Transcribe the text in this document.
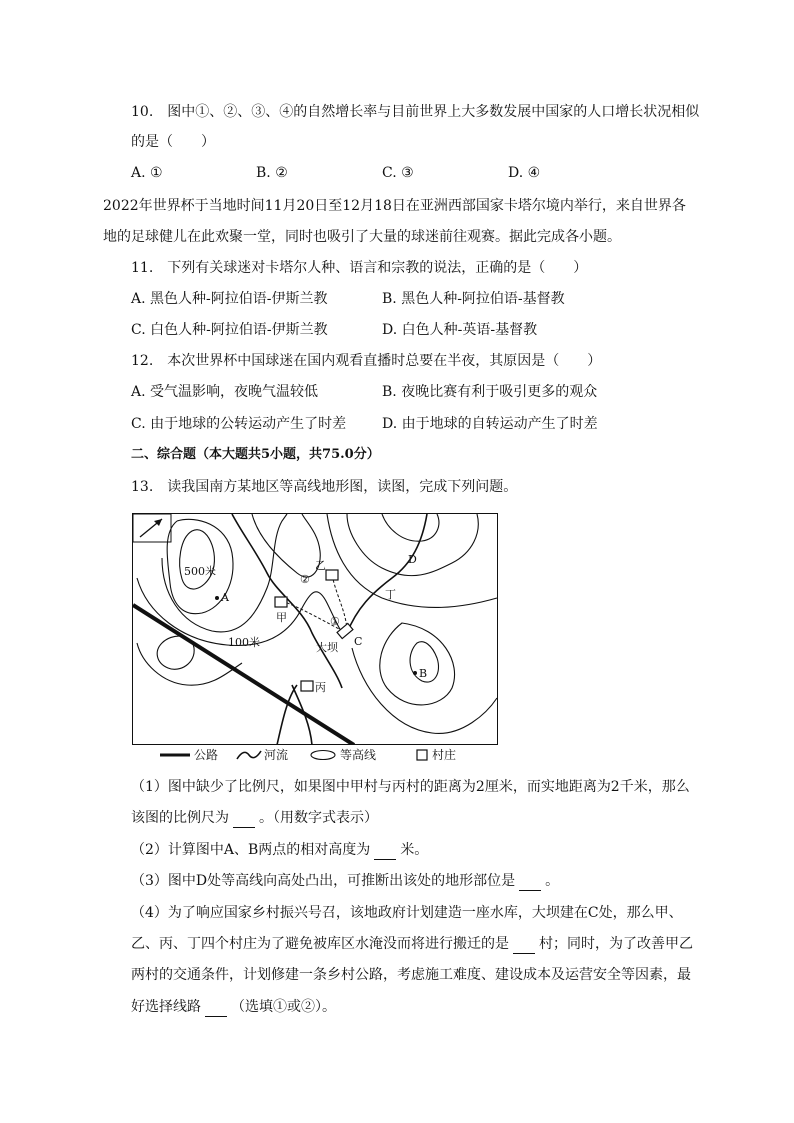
10.　图中①、②、③、④的自然增长率与目前世界上大多数发展中国家的人口增长状况相似
的是（　　）
A. ①	B. ②	C. ③	D. ④
2022年世界杯于当地时间11月20日至12月18日在亚洲西部国家卡塔尔境内举行，来自世界各
地的足球健儿在此欢聚一堂，同时也吸引了大量的球迷前往观赛。据此完成各小题。
11.　下列有关球迷对卡塔尔人种、语言和宗教的说法，正确的是（　　）
A. 黑色人种-阿拉伯语-伊斯兰教	B. 黑色人种-阿拉伯语-基督教
C. 白色人种-阿拉伯语-伊斯兰教	D. 白色人种-英语-基督教
12.　本次世界杯中国球迷在国内观看直播时总要在半夜，其原因是（　　）
A. 受气温影响，夜晚气温较低	B. 夜晚比赛有利于吸引更多的观众
C. 由于地球的公转运动产生了时差	D. 由于地球的自转运动产生了时差
二、综合题（本大题共5小题，共75.0分）
13.　读我国南方某地区等高线地形图，读图，完成下列问题。
500米
100米
A
B
C
D
甲
乙
丙
丁
大坝
①
②
公路	河流	等高线	村庄
（1）图中缺少了比例尺，如果图中甲村与丙村的距离为2厘米，而实地距离为2千米，那么
该图的比例尺为 。（用数字式表示）
（2）计算图中A、B两点的相对高度为 米。
（3）图中D处等高线向高处凸出，可推断出该处的地形部位是 。
（4）为了响应国家乡村振兴号召，该地政府计划建造一座水库，大坝建在C处，那么甲、
乙、丙、丁四个村庄为了避免被库区水淹没而将进行搬迁的是 村；同时，为了改善甲乙
两村的交通条件，计划修建一条乡村公路，考虑施工难度、建设成本及运营安全等因素，最
好选择线路 （选填①或②）。
